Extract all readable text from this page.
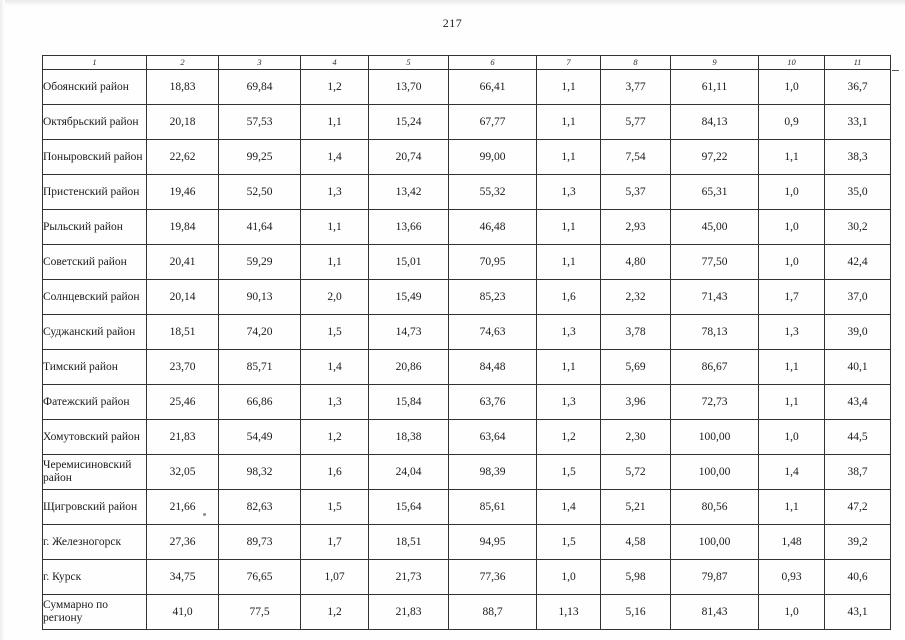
217
1	2	3	4	5	6	7	8	9	10	11
Обоянский район	18,83	69,84	1,2	13,70	66,41	1,1	3,77	61,11	1,0	36,7
Октябрьский район	20,18	57,53	1,1	15,24	67,77	1,1	5,77	84,13	0,9	33,1
Поныровский район	22,62	99,25	1,4	20,74	99,00	1,1	7,54	97,22	1,1	38,3
Пристенский район	19,46	52,50	1,3	13,42	55,32	1,3	5,37	65,31	1,0	35,0
Рыльский район	19,84	41,64	1,1	13,66	46,48	1,1	2,93	45,00	1,0	30,2
Советский район	20,41	59,29	1,1	15,01	70,95	1,1	4,80	77,50	1,0	42,4
Солнцевский район	20,14	90,13	2,0	15,49	85,23	1,6	2,32	71,43	1,7	37,0
Суджанский район	18,51	74,20	1,5	14,73	74,63	1,3	3,78	78,13	1,3	39,0
Тимский район	23,70	85,71	1,4	20,86	84,48	1,1	5,69	86,67	1,1	40,1
Фатежский район	25,46	66,86	1,3	15,84	63,76	1,3	3,96	72,73	1,1	43,4
Хомутовский район	21,83	54,49	1,2	18,38	63,64	1,2	2,30	100,00	1,0	44,5
Черемисиновский район	32,05	98,32	1,6	24,04	98,39	1,5	5,72	100,00	1,4	38,7
Щигровский район	21,66	82,63	1,5	15,64	85,61	1,4	5,21	80,56	1,1	47,2
г. Железногорск	27,36	89,73	1,7	18,51	94,95	1,5	4,58	100,00	1,48	39,2
г. Курск	34,75	76,65	1,07	21,73	77,36	1,0	5,98	79,87	0,93	40,6
Суммарно по региону	41,0	77,5	1,2	21,83	88,7	1,13	5,16	81,43	1,0	43,1
